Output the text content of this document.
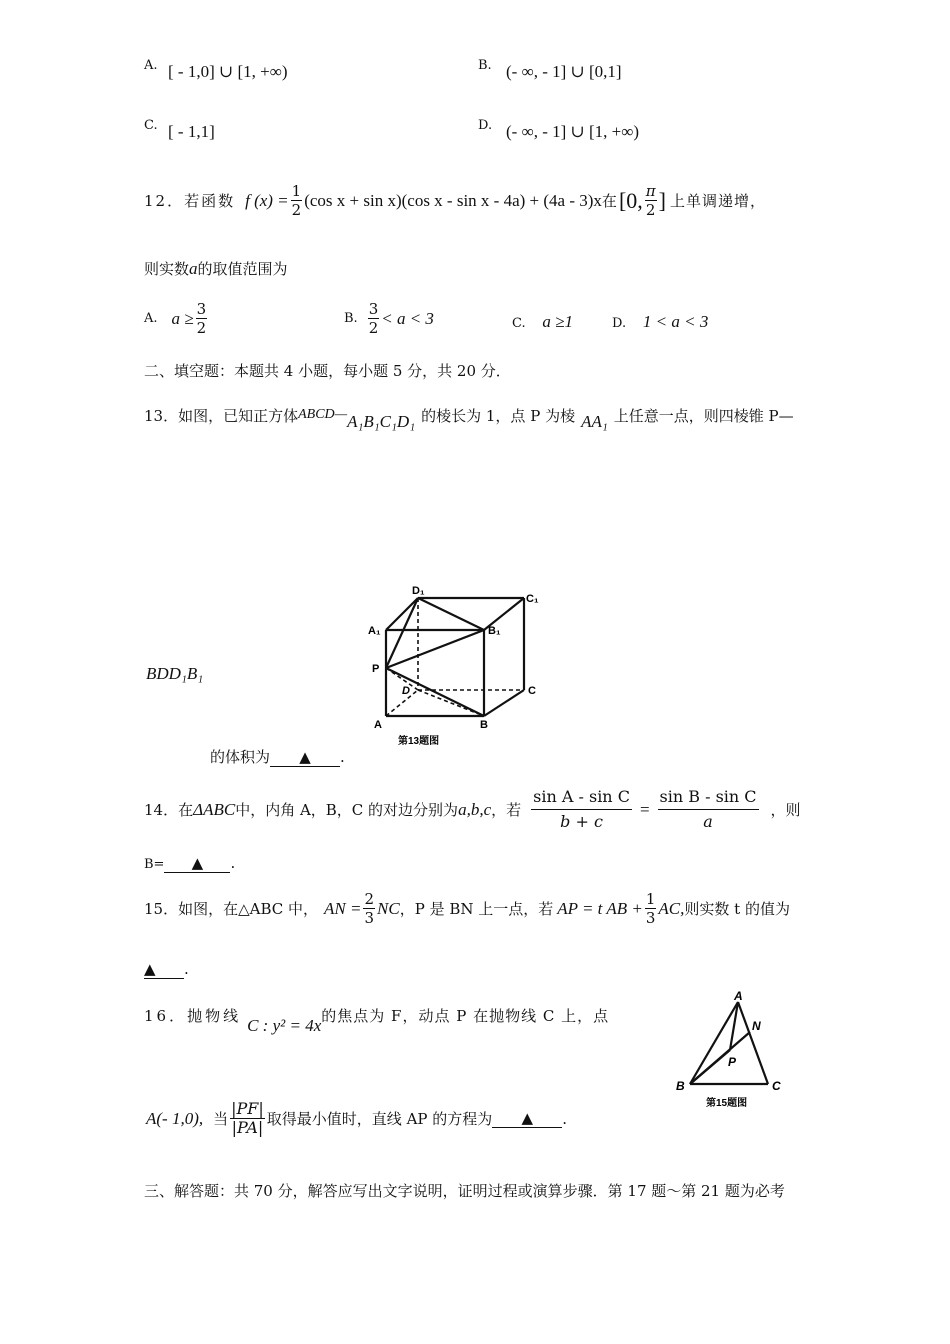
A. [ - 1,0] ∪ [1, +∞)	B. (- ∞, - 1] ∪ [0,1]
C. [ - 1,1]	D. (- ∞, - 1] ∪ [1, +∞)
12．若函数 f $(x) = \frac{1}{2} (\cos$ x + sin x)(cos x - sin x - 4a) + (4a - 3)x 在 [0, $\frac{\pi}{2}$ ] 上单调递增，
则实数a的取值范围为
A. $a \ge \frac{3}{2}$	B. $\frac{3}{2} < a < 3$	C. a ≥1	D. 1 < a < 3
二、填空题：本题共 4 小题，每小题 5 分，共 20 分．
13．如图，已知正方体 ABCD— A₁B₁C₁D₁ 的棱长为 1，点 P 为棱 AA₁ 上任意一点，则四棱锥 P—
BDD₁B₁
D₁
C₁
A₁	B₁
P
D	C
A	B
第13题图
的体积为 ▲ .
14．在 ΔABC 中，内角 A，B，C 的对边分别为 a,b,c ，若 $\frac{\text{sin A - sin C}}{b + c} = \frac{\text{sin B - sin C}}{a}$ ，则
B= ▲ .
15．如图，在△ABC 中， AN = $\frac{2}{3}$ NC ，P 是 BN 上一点，若 AP = t AB + $\frac{1}{3}$ AC, 则实数 t 的值为
▲ .
A
N
P
B	C
第15题图
16．抛物线
C : y² = 4x
的焦点为 F，动点 P 在抛物线 C 上，点
A(- 1,0), 当 $\frac{|PF|}{|PA|}$ 取得最小值时，直线 AP 的方程为	▲	.
三、解答题：共 70 分，解答应写出文字说明，证明过程或演算步骤．第 17 题～第 21 题为必考
